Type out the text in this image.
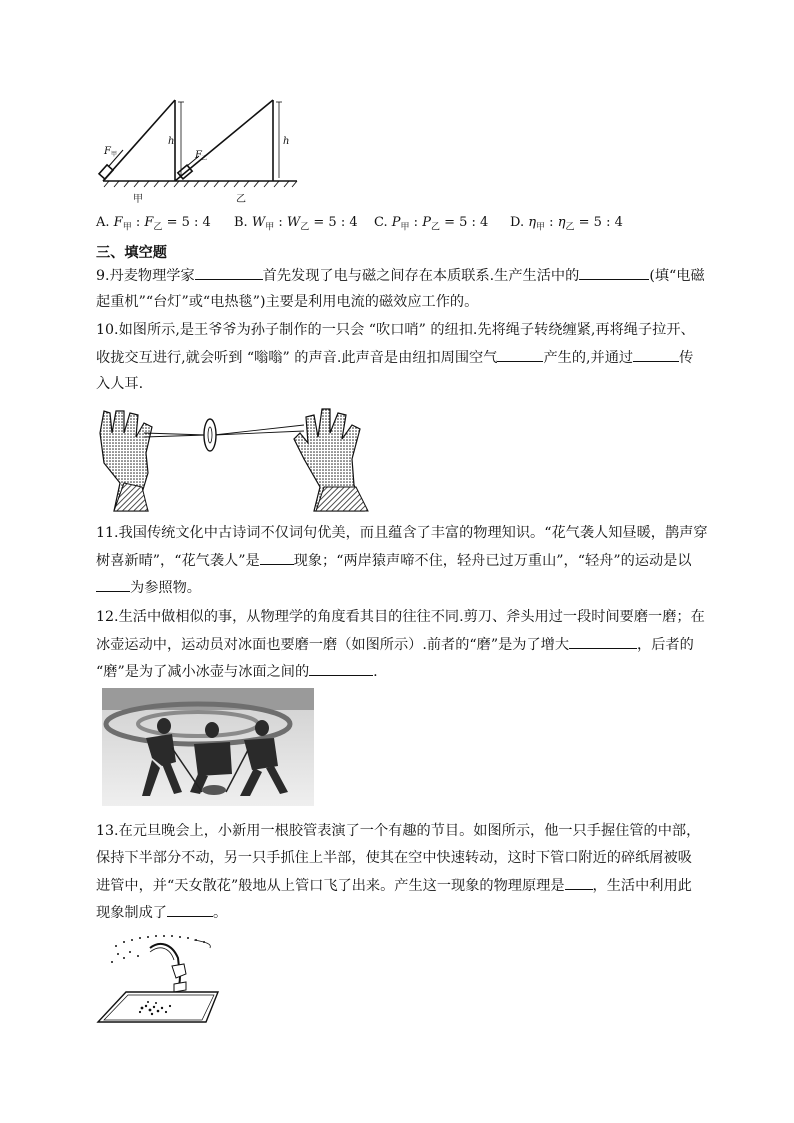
F 甲	F 乙
h	h
甲	乙
A. $F_甲$ : $F_乙 = 5$ : 4 B. $W_甲$ : $W_乙 = 5$ : 4 C. $P_甲$ : $P_乙 = 5$ : 4 D. $\eta_甲$ : $\eta_乙 = 5$ : 4
三、填空题
9.丹麦物理学家	首先发现了电与磁之间存在本质联系.生产生活中的	(填“电磁
起重机”“台灯”或“电热毯”)主要是利用电流的磁效应工作的。
10.如图所示,是王爷爷为孙子制作的一只会 “吹口哨” 的纽扣.先将绳子转绕缠紧,再将绳子拉开、
收拢交互进行,就会听到 “嗡嗡” 的声音.此声音是由纽扣周围空气	产生的,并通过	传
入人耳.
11.我国传统文化中古诗词不仅词句优美，而且蕴含了丰富的物理知识。“花气袭人知昼暖，鹊声穿
树喜新晴”，“花气袭人”是 现象；“两岸猿声啼不住，轻舟已过万重山”，“轻舟”的运动是以
为参照物。
12.生活中做相似的事，从物理学的角度看其目的往往不同.剪刀、斧头用过一段时间要磨一磨；在
冰壶运动中，运动员对冰面也要磨一磨（如图所示）.前者的“磨”是为了增大	，后者的
“磨”是为了减小冰壶与冰面之间的	.
13.在元旦晚会上，小新用一根胶管表演了一个有趣的节目。如图所示，他一只手握住管的中部，
保持下半部分不动，另一只手抓住上半部，使其在空中快速转动，这时下管口附近的碎纸屑被吸
进管中，并“天女散花”般地从上管口飞了出来。产生这一现象的物理原理是 ，生活中利用此
现象制成了	。
